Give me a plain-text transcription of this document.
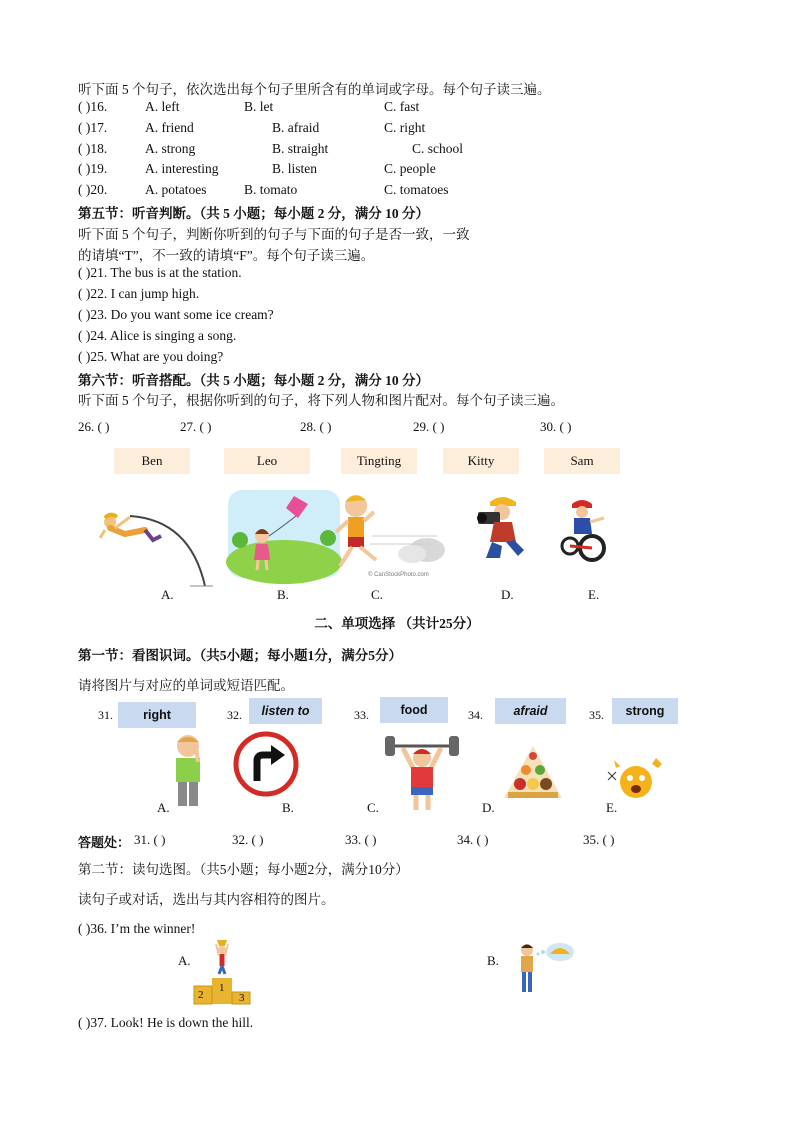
听下面 5 个句子，依次选出每个句子里所含有的单词或字母。每个句子读三遍。
( )16.	A. left	B. let	C. fast
( )17.	A. friend	B. afraid	C. right
( )18.	A. strong	B. straight	C. school
( )19.	A. interesting	B. listen	C. people
( )20.	A. potatoes	B. tomato	C. tomatoes
第五节：听音判断。（共 5 小题；每小题 2 分，满分 10 分）
听下面 5 个句子，判断你听到的句子与下面的句子是否一致，一致
的请填“T”，不一致的请填“F”。每个句子读三遍。
( )21. The bus is at the station.
( )22. I can jump high.
( )23. Do you want some ice cream?
( )24. Alice is singing a song.
( )25. What are you doing?
第六节：听音搭配。（共 5 小题；每小题 2 分，满分 10 分）
听下面 5 个句子，根据你听到的句子，将下列人物和图片配对。每个句子读三遍。
26. ( )	27. ( )	28. ( )	29. ( )	30. ( )
Ben	Leo	Tingting	Kitty	Sam
© CanStockPhoto.com
A.	B.	C.	D.	E.
二、单项选择 （共计25分）
第一节：看图识词。（共5小题；每小题1分，满分5分）
请将图片与对应的单词或短语匹配。
31.	32.	33.	34.	35.
right	listen to	food	afraid	strong
A.	B.	C.	D.	E.
答题处： 31. ( )	32. ( )	33. ( )	34. ( )	35. ( )
第二节：读句选图。（共5小题；每小题2分，满分10分）
读句子或对话，选出与其内容相符的图片。
( )36. I’m the winner!
A.
2
1
3
B.
( )37. Look! He is down the hill.
